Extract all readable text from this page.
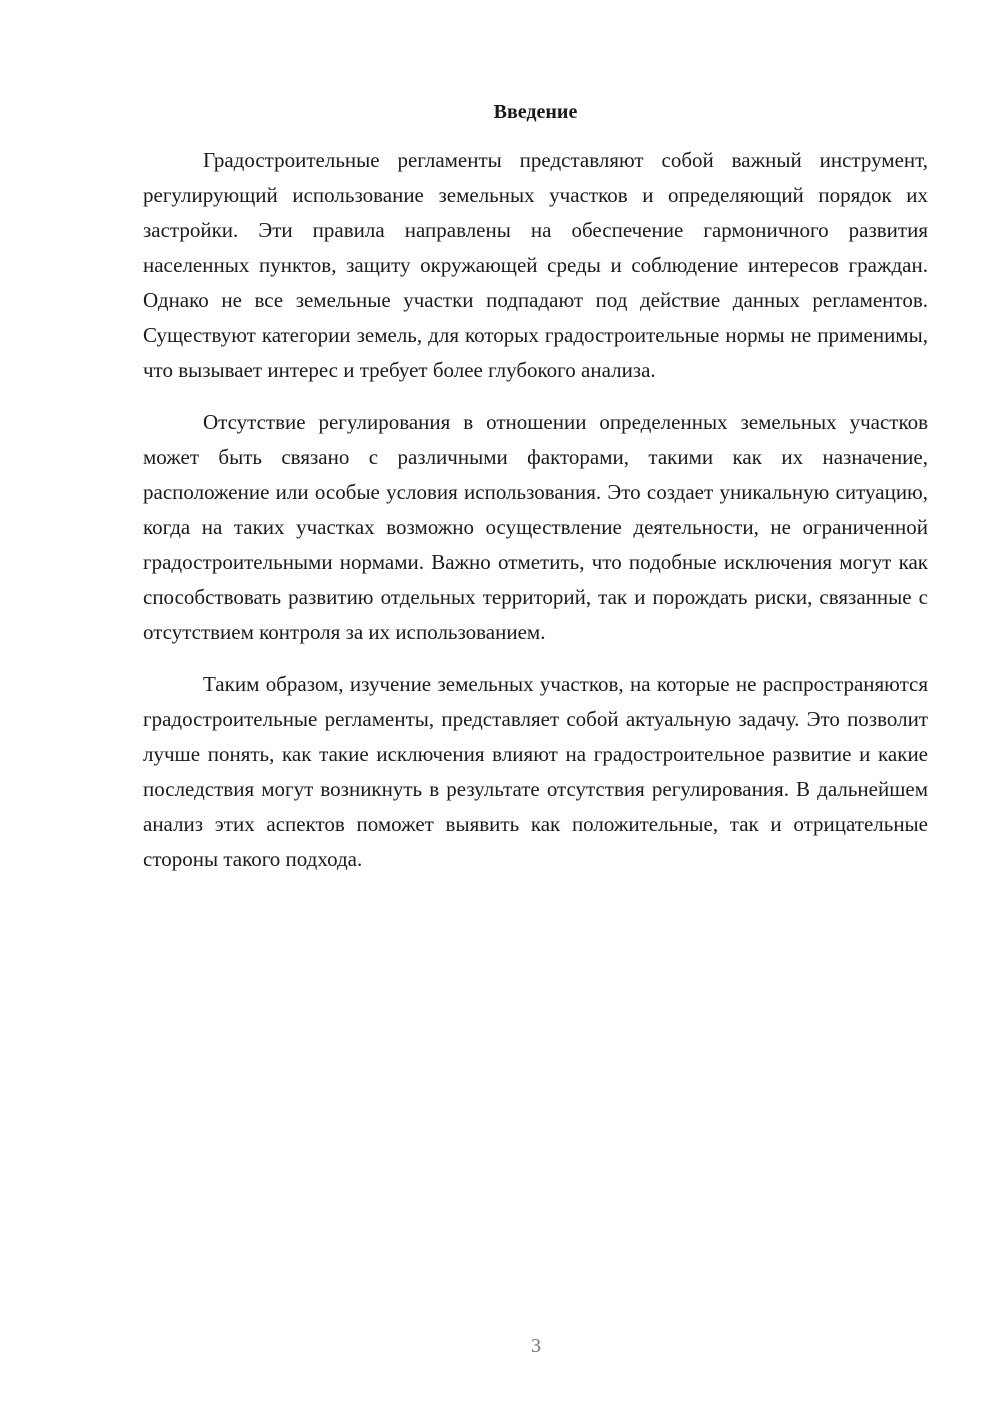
Введение

Градостроительные регламенты представляют собой важный инструмент, регулирующий использование земельных участков и определяющий порядок их застройки. Эти правила направлены на обеспечение гармоничного развития населенных пунктов, защиту окружающей среды и соблюдение интересов граждан. Однако не все земельные участки подпадают под действие данных регламентов. Существуют категории земель, для которых градостроительные нормы не применимы, что вызывает интерес и требует более глубокого анализа.

Отсутствие регулирования в отношении определенных земельных участков может быть связано с различными факторами, такими как их назначение, расположение или особые условия использования. Это создает уникальную ситуацию, когда на таких участках возможно осуществление деятельности, не ограниченной градостроительными нормами. Важно отметить, что подобные исключения могут как способствовать развитию отдельных территорий, так и порождать риски, связанные с отсутствием контроля за их использованием.

Таким образом, изучение земельных участков, на которые не распространяются градостроительные регламенты, представляет собой актуальную задачу. Это позволит лучше понять, как такие исключения влияют на градостроительное развитие и какие последствия могут возникнуть в результате отсутствия регулирования. В дальнейшем анализ этих аспектов поможет выявить как положительные, так и отрицательные стороны такого подхода.

3
